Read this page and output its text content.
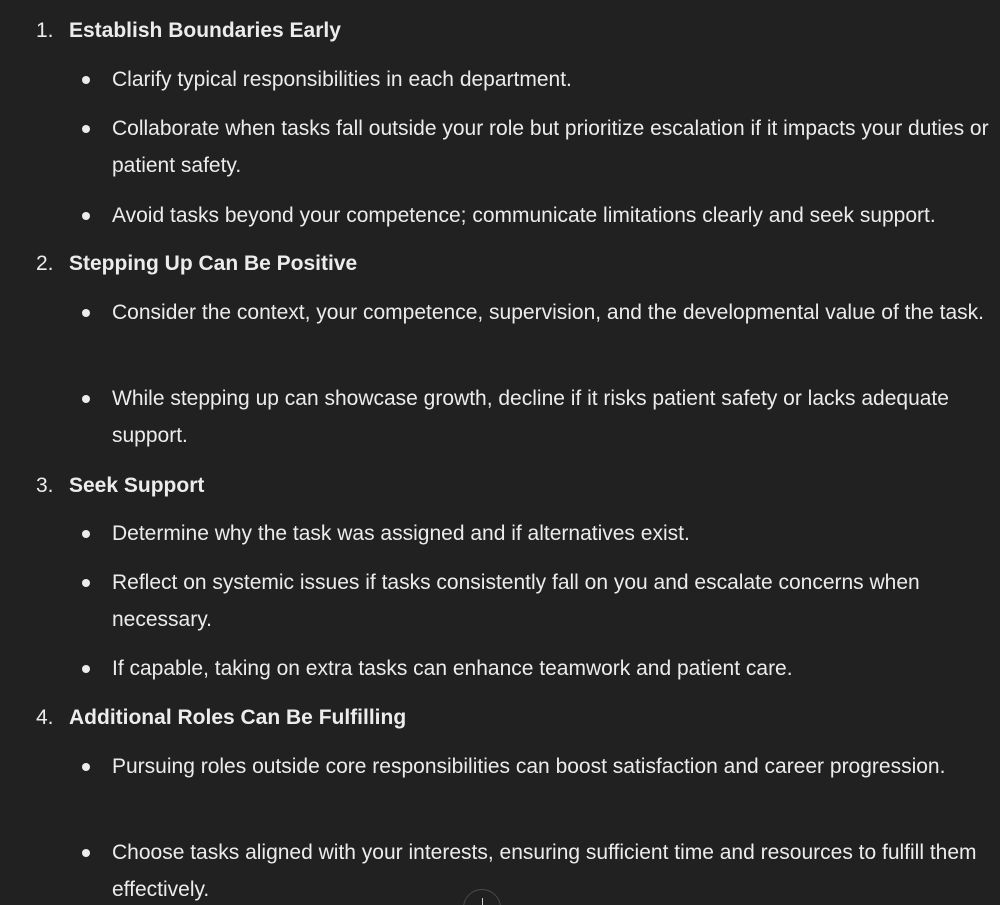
1. Establish Boundaries Early
Clarify typical responsibilities in each department.
Collaborate when tasks fall outside your role but prioritize escalation if it impacts your duties or patient safety.
Avoid tasks beyond your competence; communicate limitations clearly and seek support.
2. Stepping Up Can Be Positive
Consider the context, your competence, supervision, and the developmental value of the task.
While stepping up can showcase growth, decline if it risks patient safety or lacks adequate support.
3. Seek Support
Determine why the task was assigned and if alternatives exist.
Reflect on systemic issues if tasks consistently fall on you and escalate concerns when necessary.
If capable, taking on extra tasks can enhance teamwork and patient care.
4. Additional Roles Can Be Fulfilling
Pursuing roles outside core responsibilities can boost satisfaction and career progression.
Choose tasks aligned with your interests, ensuring sufficient time and resources to fulfill them effectively.
